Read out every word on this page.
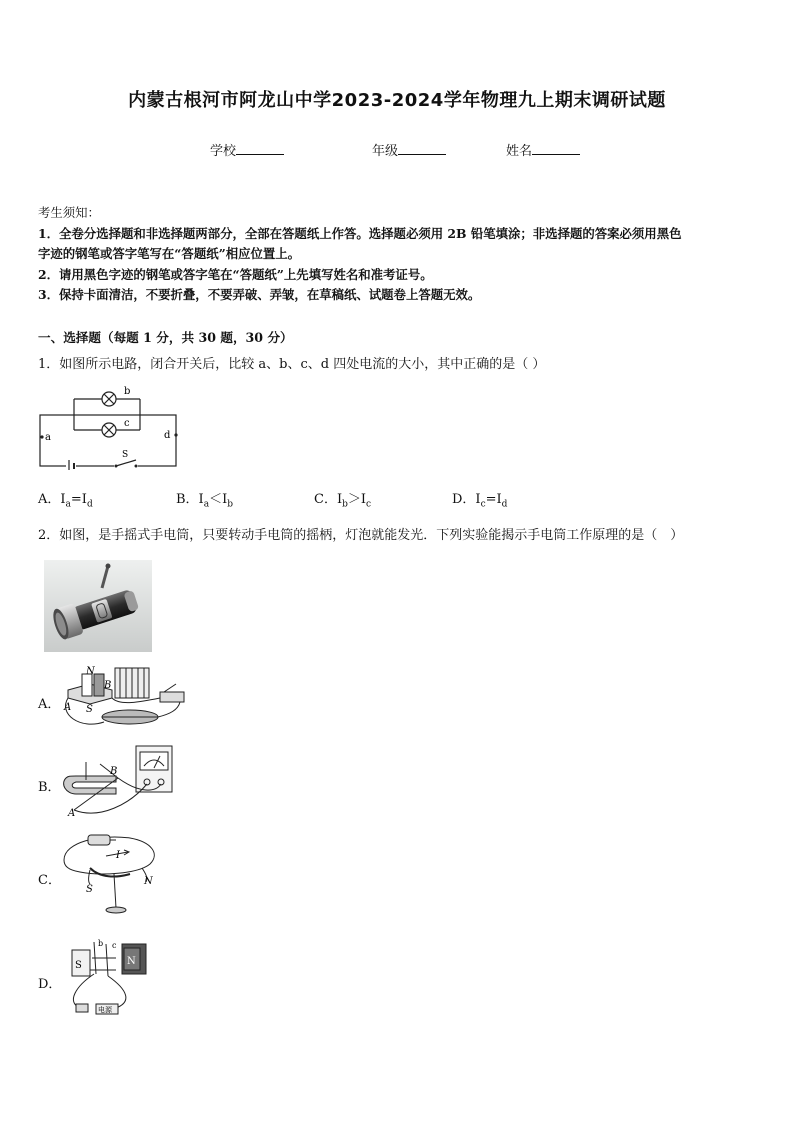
内蒙古根河市阿龙山中学2023-2024学年物理九上期末调研试题
学校	年级	姓名
考生须知：
1．全卷分选择题和非选择题两部分，全部在答题纸上作答。选择题必须用 2B 铅笔填涂；非选择题的答案必须用黑色
字迹的钢笔或答字笔写在“答题纸”相应位置上。
2．请用黑色字迹的钢笔或答字笔在“答题纸”上先填写姓名和准考证号。
3．保持卡面清洁，不要折叠，不要弄破、弄皱，在草稿纸、试题卷上答题无效。
一、选择题（每题 1 分，共 30 题，30 分）
1．如图所示电路，闭合开关后，比较 a、b、c、d 四处电流的大小，其中正确的是（ ）
b
c
a	d
S
A．$I_a=I_d$	B．$I_a<I_b$	C．$I_b>I_c$	D．$I_c=I_d$
2．如图，是手摇式手电筒，只要转动手电筒的摇柄，灯泡就能发光．下列实验能揭示手电筒工作原理的是（　）
A．
N
B
A S
B．
A
B
C．
I
S
N
D．
S	N
b c
电源
